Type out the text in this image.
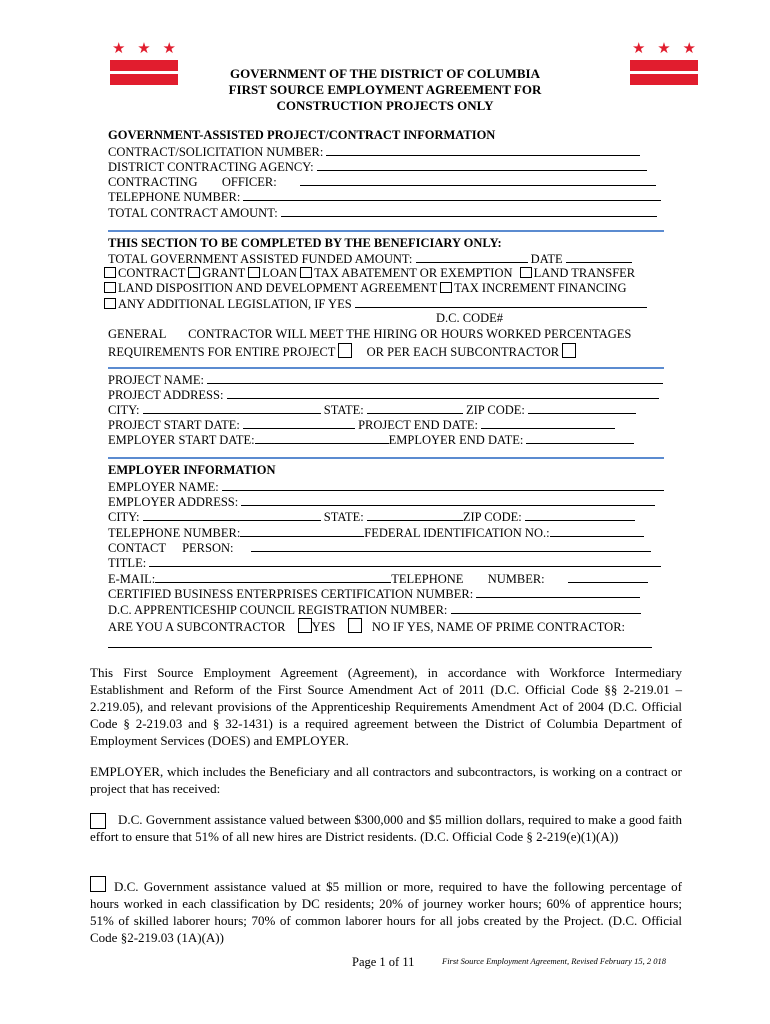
★ ★ ★	★ ★ ★
GOVERNMENT OF THE DISTRICT OF COLUMBIA
FIRST SOURCE EMPLOYMENT AGREEMENT FOR
CONSTRUCTION PROJECTS ONLY
GOVERNMENT-ASSISTED PROJECT/CONTRACT INFORMATION
CONTRACT/SOLICITATION NUMBER:
DISTRICT CONTRACTING AGENCY:
CONTRACTING OFFICER:
TELEPHONE NUMBER:
TOTAL CONTRACT AMOUNT:
THIS SECTION TO BE COMPLETED BY THE BENEFICIARY ONLY:
TOTAL GOVERNMENT ASSISTED FUNDED AMOUNT:	DATE
CONTRACT GRANT LOAN TAX ABATEMENT OR EXEMPTION LAND TRANSFER
LAND DISPOSITION AND DEVELOPMENT AGREEMENT TAX INCREMENT FINANCING
ANY ADDITIONAL LEGISLATION, IF YES
D.C. CODE#
GENERAL CONTRACTOR WILL MEET THE HIRING OR HOURS WORKED PERCENTAGES
REQUIREMENTS FOR ENTIRE PROJECT	OR PER EACH SUBCONTRACTOR
PROJECT NAME:
PROJECT ADDRESS:
CITY:	STATE:	ZIP CODE:
PROJECT START DATE:	PROJECT END DATE:
EMPLOYER START DATE:	EMPLOYER END DATE:
EMPLOYER INFORMATION
EMPLOYER NAME:
EMPLOYER ADDRESS:
CITY:	STATE:	ZIP CODE:
TELEPHONE NUMBER:	FEDERAL IDENTIFICATION NO.:
CONTACT PERSON:
TITLE:
E-MAIL:	TELEPHONE NUMBER:
CERTIFIED BUSINESS ENTERPRISES CERTIFICATION NUMBER:
D.C. APPRENTICESHIP COUNCIL REGISTRATION NUMBER:
ARE YOU A SUBCONTRACTOR YES	NO IF YES, NAME OF PRIME CONTRACTOR:
This First Source Employment Agreement (Agreement), in accordance with Workforce Intermediary Establishment and Reform of the First Source Amendment Act of 2011 (D.C. Official Code §§ 2-219.01 – 2.219.05), and relevant provisions of the Apprenticeship Requirements Amendment Act of 2004 (D.C. Official Code § 2-219.03 and § 32-1431) is a required agreement between the District of Columbia Department of Employment Services (DOES) and EMPLOYER.
EMPLOYER, which includes the Beneficiary and all contractors and subcontractors, is working on a contract or project that has received:
D.C. Government assistance valued between $300,000 and $5 million dollars, required to make a good faith effort to ensure that 51% of all new hires are District residents. (D.C. Official Code § 2-219(e)(1)(A))
D.C. Government assistance valued at $5 million or more, required to have the following percentage of hours worked in each classification by DC residents; 20% of journey worker hours; 60% of apprentice hours; 51% of skilled laborer hours; 70% of common laborer hours for all jobs created by the Project. (D.C. Official Code §2-219.03 (1A)(A))
Page 1 of 11	First Source Employment Agreement, Revised February 15, 2 018
